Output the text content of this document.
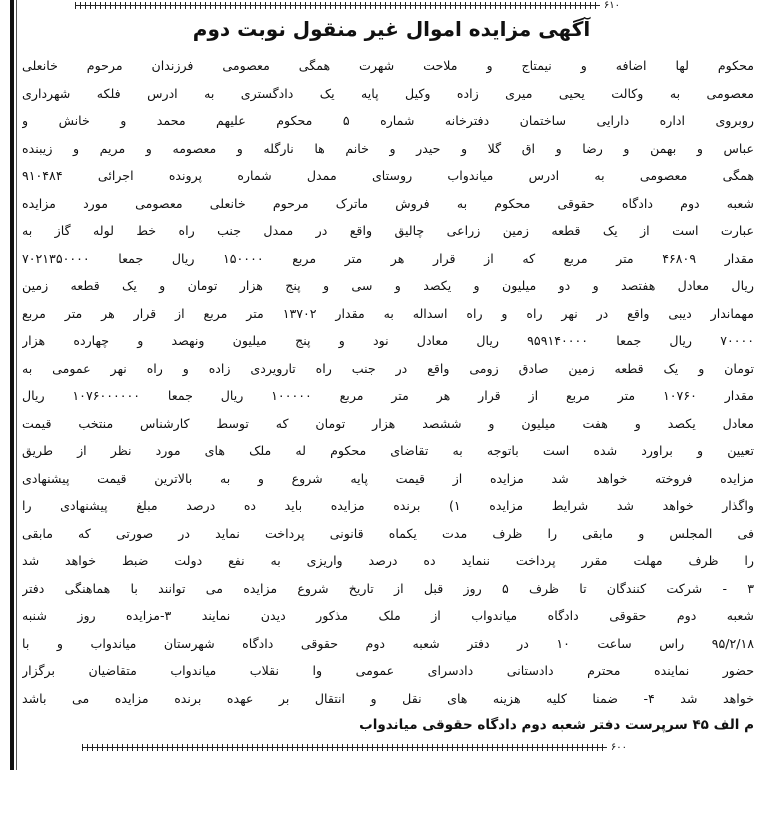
۶۱۰
آگهی مزایده اموال غیر منقول نوبت دوم
محکوم لها اضافه و نیمتاج و ملاحت شهرت همگی معصومی فرزندان مرحوم خانعلی
معصومی به وکالت یحیی میری زاده وکیل پایه یک دادگستری به ادرس فلکه شهرداری
روبروی اداره دارایی ساختمان دفترخانه شماره ۵ محکوم علیهم محمد و خانش و
عباس و بهمن و رضا و اق گلا و حیدر و خانم ها نارگله و معصومه و مریم و زیبنده
همگی معصومی به ادرس میاندواب روستای ممدل شماره پرونده اجرائی ۹۱۰۴۸۴
شعبه دوم دادگاه حقوقی محکوم به فروش ماترک مرحوم خانعلی معصومی مورد مزایده
عبارت است از یک قطعه زمین زراعی چالیق واقع در ممدل جنب راه خط لوله گاز به
مقدار ۴۶۸۰۹ متر مربع که از قرار هر متر مربع ۱۵۰۰۰۰ ریال جمعا ۷۰۲۱۳۵۰۰۰۰
ریال معادل هفتصد و دو میلیون و یکصد و سی و پنج هزار تومان و یک قطعه زمین
مهماندار دیبی واقع در نهر راه و راه اسداله به مقدار ۱۳۷۰۲ متر مربع از قرار هر متر مربع
۷۰۰۰۰ ریال جمعا ۹۵۹۱۴۰۰۰۰ ریال معادل نود و پنج میلیون ونهصد و چهارده هزار
تومان و یک قطعه زمین صادق زومی واقع در جنب راه تارویردی زاده و راه نهر عمومی به
مقدار ۱۰۷۶۰ متر مربع از قرار هر متر مربع ۱۰۰۰۰۰ ریال جمعا ۱۰۷۶۰۰۰۰۰۰ ریال
معادل یکصد و هفت میلیون و ششصد هزار تومان که توسط کارشناس منتخب قیمت
تعیین و براورد شده است باتوجه به تقاضای محکوم له ملک های مورد نظر از طریق
مزایده فروخته خواهد شد مزایده از قیمت پایه شروع و به بالاترین قیمت پیشنهادی
واگذار خواهد شد شرایط مزایده ۱) برنده مزایده باید ده درصد مبلغ پیشنهادی را
فی المجلس و مابقی را ظرف مدت یکماه قانونی پرداخت نماید در صورتی که مابقی
را ظرف مهلت مقرر پرداخت ننماید ده درصد واریزی به نفع دولت ضبط خواهد شد
۳ - شرکت کنندگان تا ظرف ۵ روز قبل از تاریخ شروع مزایده می توانند با هماهنگی دفتر
شعبه دوم حقوقی دادگاه میاندواب از ملک مذکور دیدن نمایند ۳-مزایده روز شنبه
۹۵/۲/۱۸ راس ساعت ۱۰ در دفتر شعبه دوم حقوقی دادگاه شهرستان میاندواب و با
حضور نماینده محترم دادستانی دادسرای عمومی وا نقلاب میاندواب متقاضیان برگزار
خواهد شد ۴- ضمنا کلیه هزینه های نقل و انتقال بر عهده برنده مزایده می باشد
م الف ۴۵ سرپرست دفتر شعبه دوم دادگاه حقوقی میاندواب
۶۰۰
